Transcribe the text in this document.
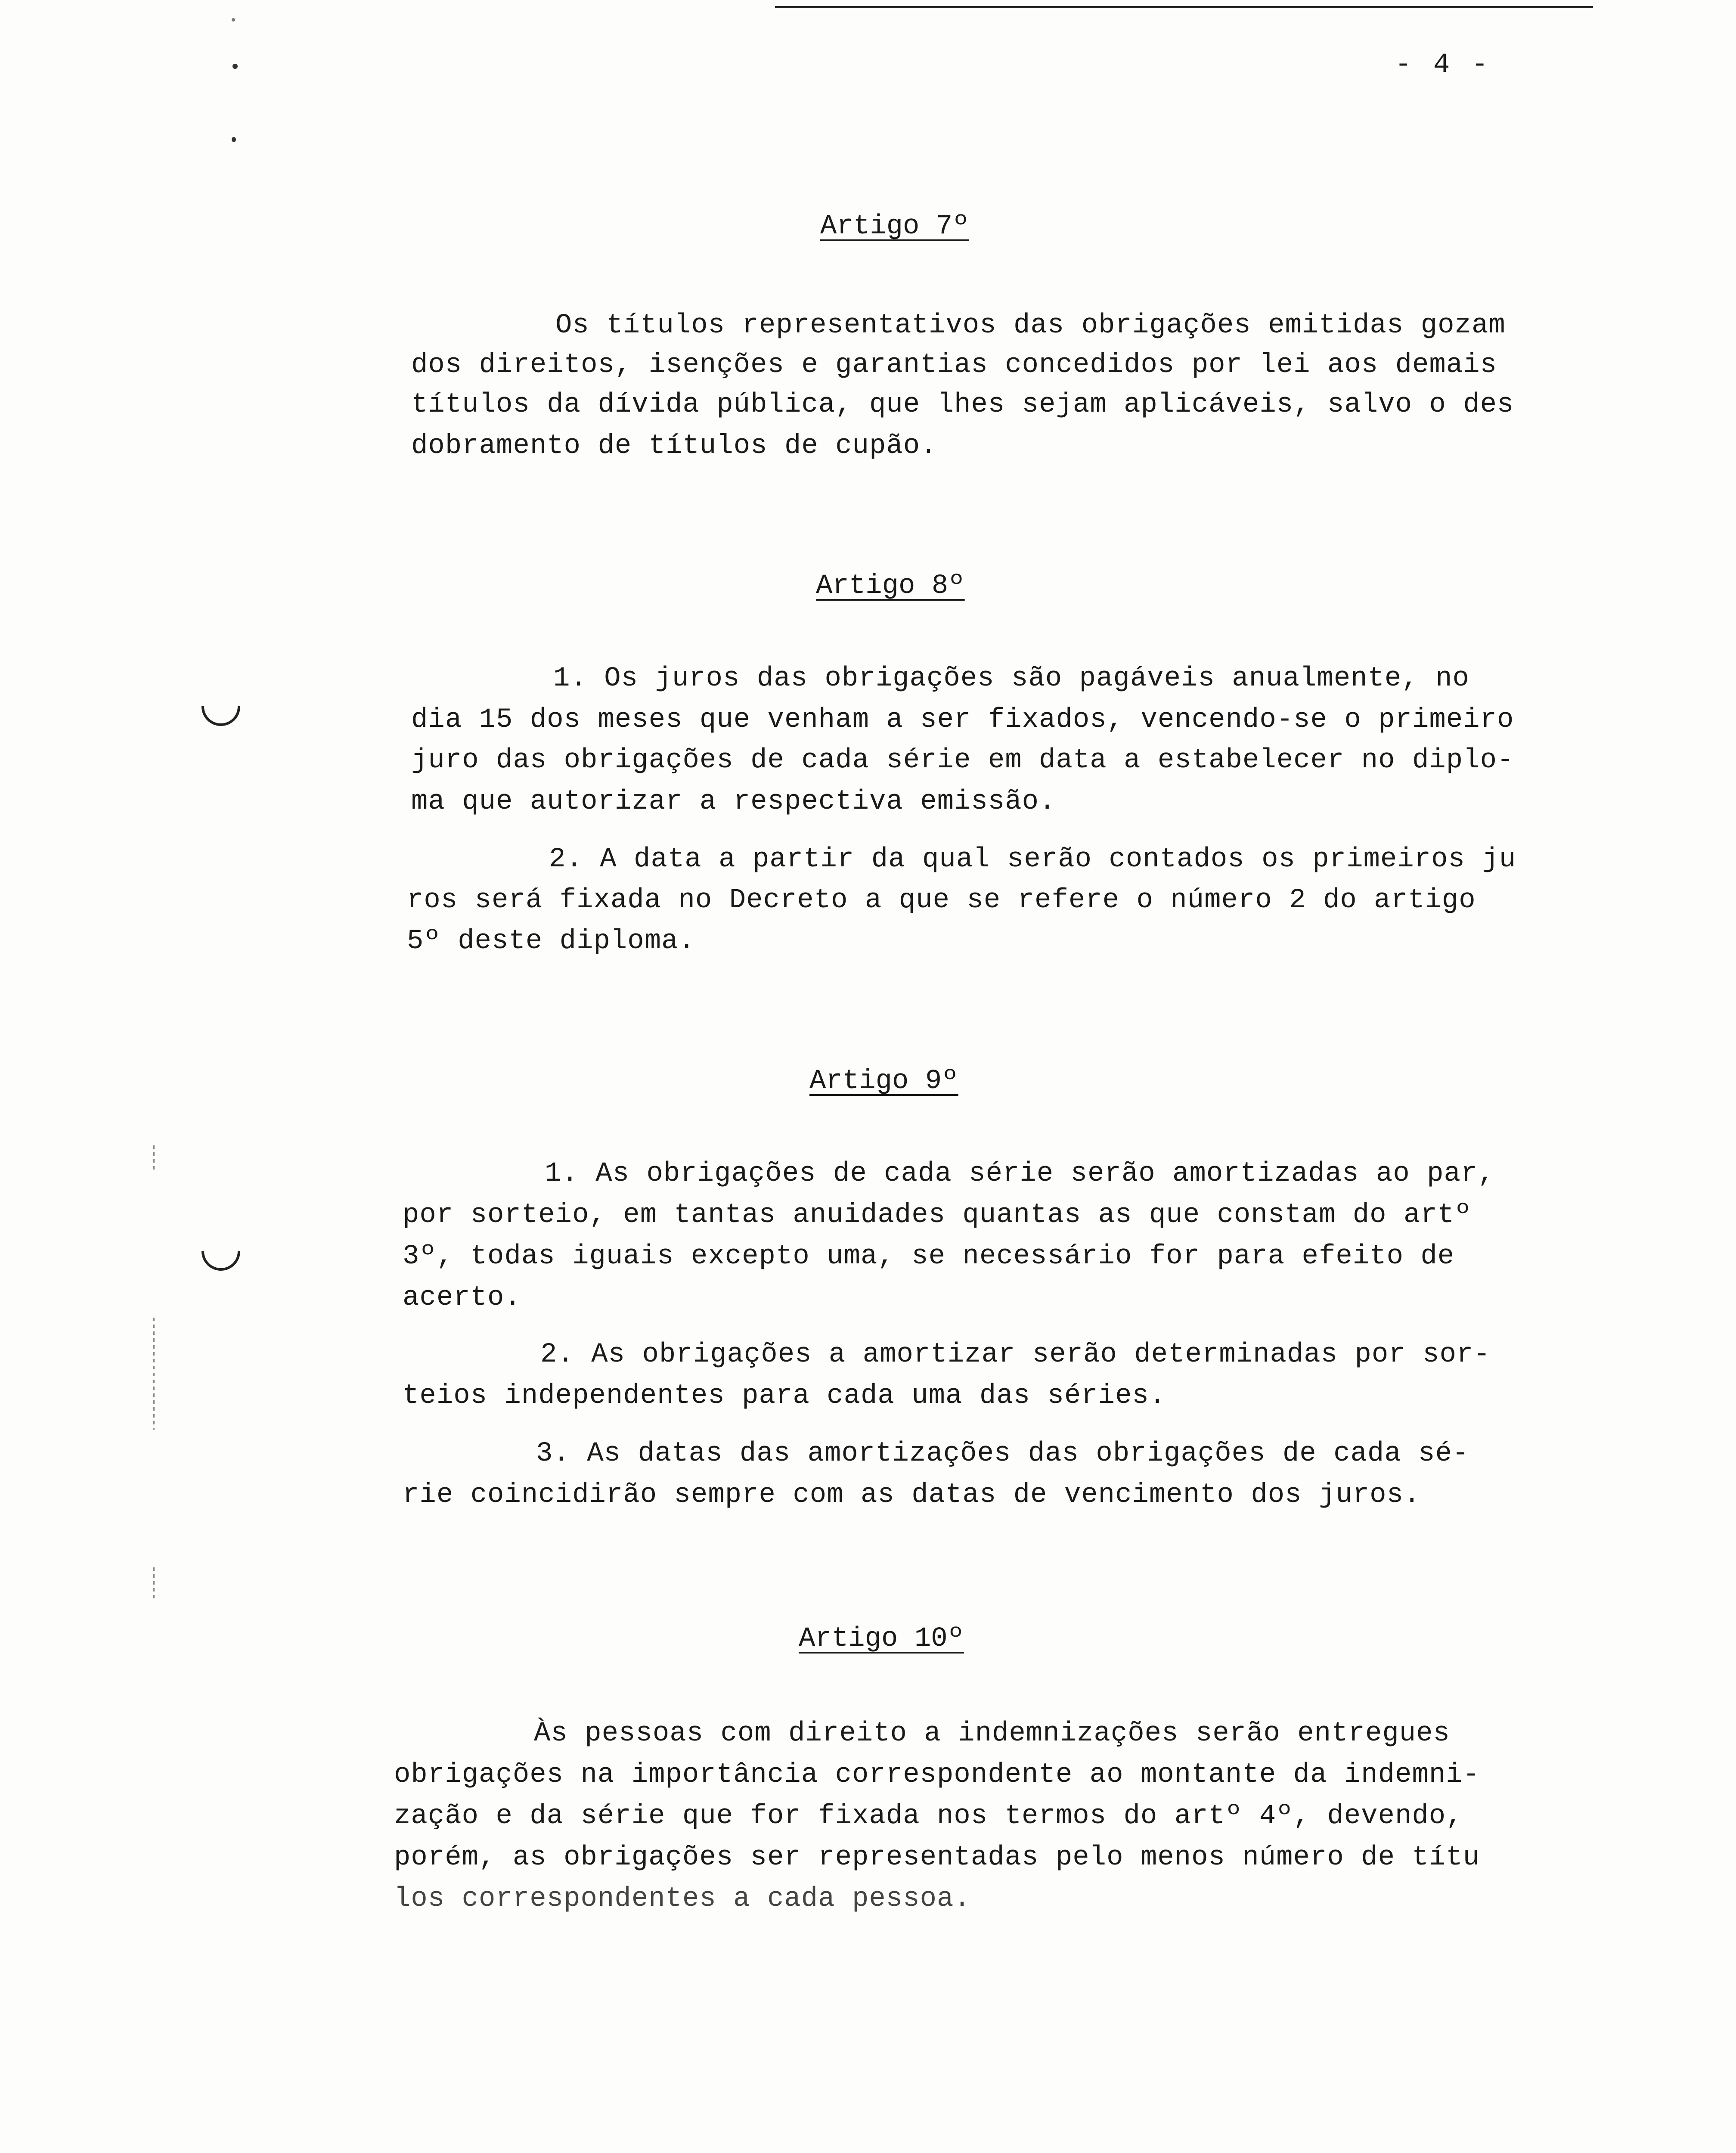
- 4 -
Artigo 7º
Os títulos representativos das obrigações emitidas gozam
dos direitos, isenções e garantias concedidos por lei aos demais
títulos da dívida pública, que lhes sejam aplicáveis, salvo o des
dobramento de títulos de cupão.
Artigo 8º
1. Os juros das obrigações são pagáveis anualmente, no
dia 15 dos meses que venham a ser fixados, vencendo-se o primeiro
juro das obrigações de cada série em data a estabelecer no diplo-
ma que autorizar a respectiva emissão.
2. A data a partir da qual serão contados os primeiros ju
ros será fixada no Decreto a que se refere o número 2 do artigo
5º deste diploma.
Artigo 9º
1. As obrigações de cada série serão amortizadas ao par,
por sorteio, em tantas anuidades quantas as que constam do artº
3º, todas iguais excepto uma, se necessário for para efeito de
acerto.
2. As obrigações a amortizar serão determinadas por sor-
teios independentes para cada uma das séries.
3. As datas das amortizações das obrigações de cada sé-
rie coincidirão sempre com as datas de vencimento dos juros.
Artigo 10º
Às pessoas com direito a indemnizações serão entregues
obrigações na importância correspondente ao montante da indemni-
zação e da série que for fixada nos termos do artº 4º, devendo,
porém, as obrigações ser representadas pelo menos número de títu
los correspondentes a cada pessoa.
